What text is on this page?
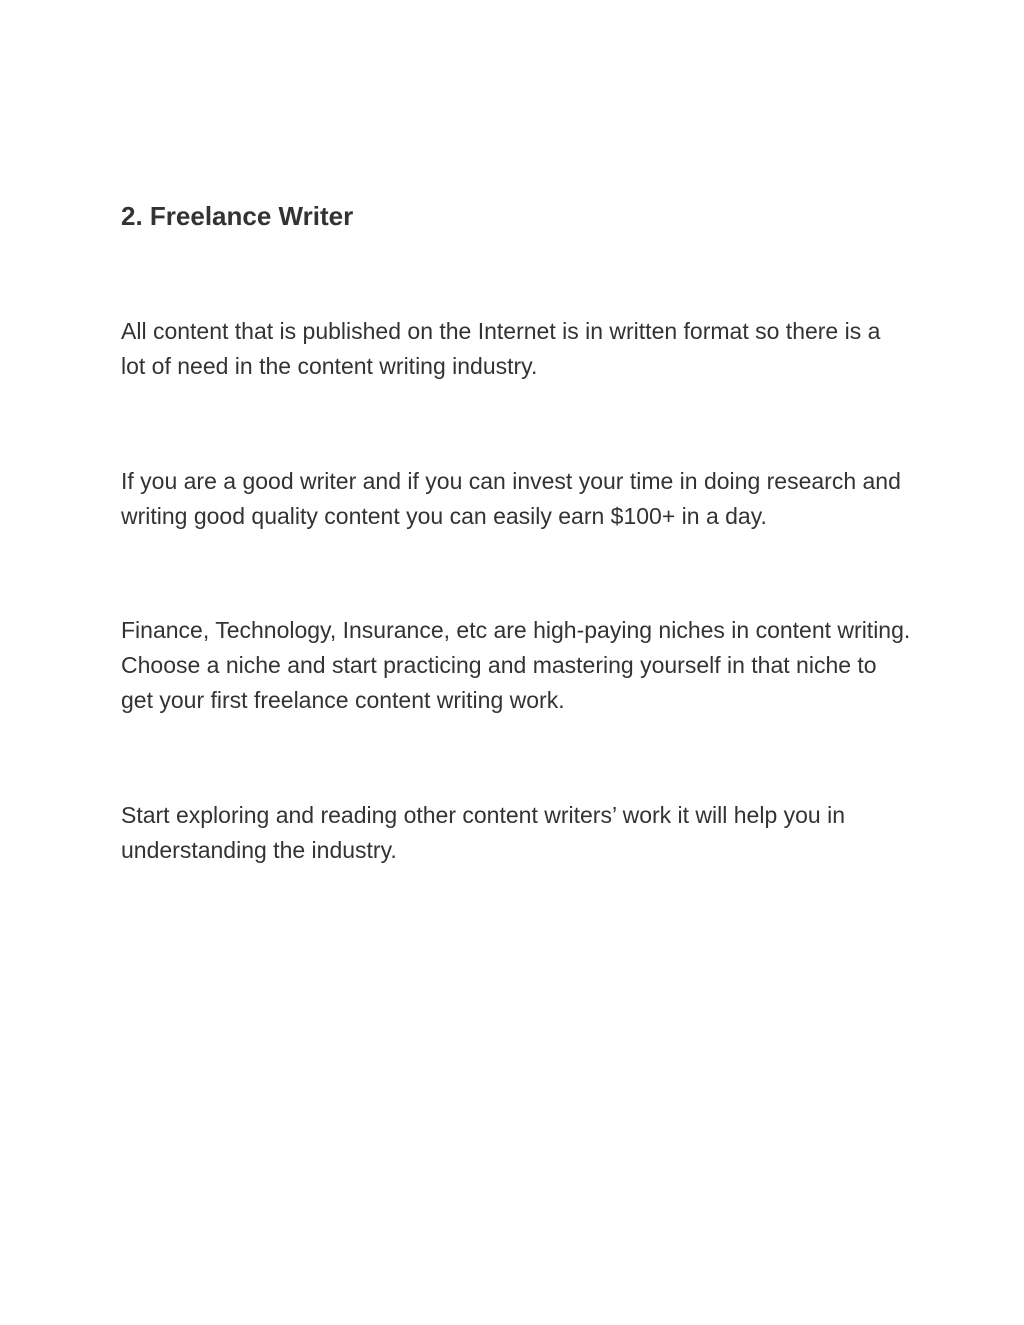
2. Freelance Writer

All content that is published on the Internet is in written format so there is a lot of need in the content writing industry.

If you are a good writer and if you can invest your time in doing research and writing good quality content you can easily earn $100+ in a day.

Finance, Technology, Insurance, etc are high-paying niches in content writing. Choose a niche and start practicing and mastering yourself in that niche to get your first freelance content writing work.

Start exploring and reading other content writers’ work it will help you in understanding the industry.
